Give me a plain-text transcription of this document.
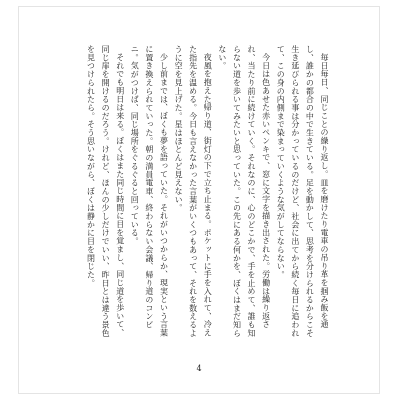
毎日毎日、同じことの繰り返し。皿を磨けたり電車の吊り革を掴み飯を通し、誰かの都合の中で生きている。足を動かして、思考を分けられるからこそ生き延びられる事は分かっているのだけど、社会に出てから続く毎日に追われて、この身の内側まで染まっていくような気がしてならない。

今日は色あせた赤いペンキで、窓に文字を描き出された。労働は繰り返され、当たり前に続けていく。それなのに、心のどこかで、手を止めて、誰も知らない道を歩いてみたいと思っていた。この先にある何かを、ぼくはまだ知らない。

夜風を抱えた帰り道、街灯の下で立ち止まる。ポケットに手を入れて、冷えた指先を温める。今日も言えなかった言葉がいくつもあって、それを数えるように空を見上げた。星はほとんど見えない。

少し前までは、ぼくも夢を語っていた。それがいつからか、現実という言葉に置き換えられていった。朝の満員電車、終わらない会議、帰り道のコンビニ。気がつけば、同じ場所をぐるぐると回っている。

それでも明日は来る。ぼくはまた同じ時間に目を覚まし、同じ道を歩いて、同じ扉を開けるのだろう。けれど、ほんの少しだけでいい、昨日とは違う景色を見つけられたら。そう思いながら、ぼくは静かに目を閉じた。

4
